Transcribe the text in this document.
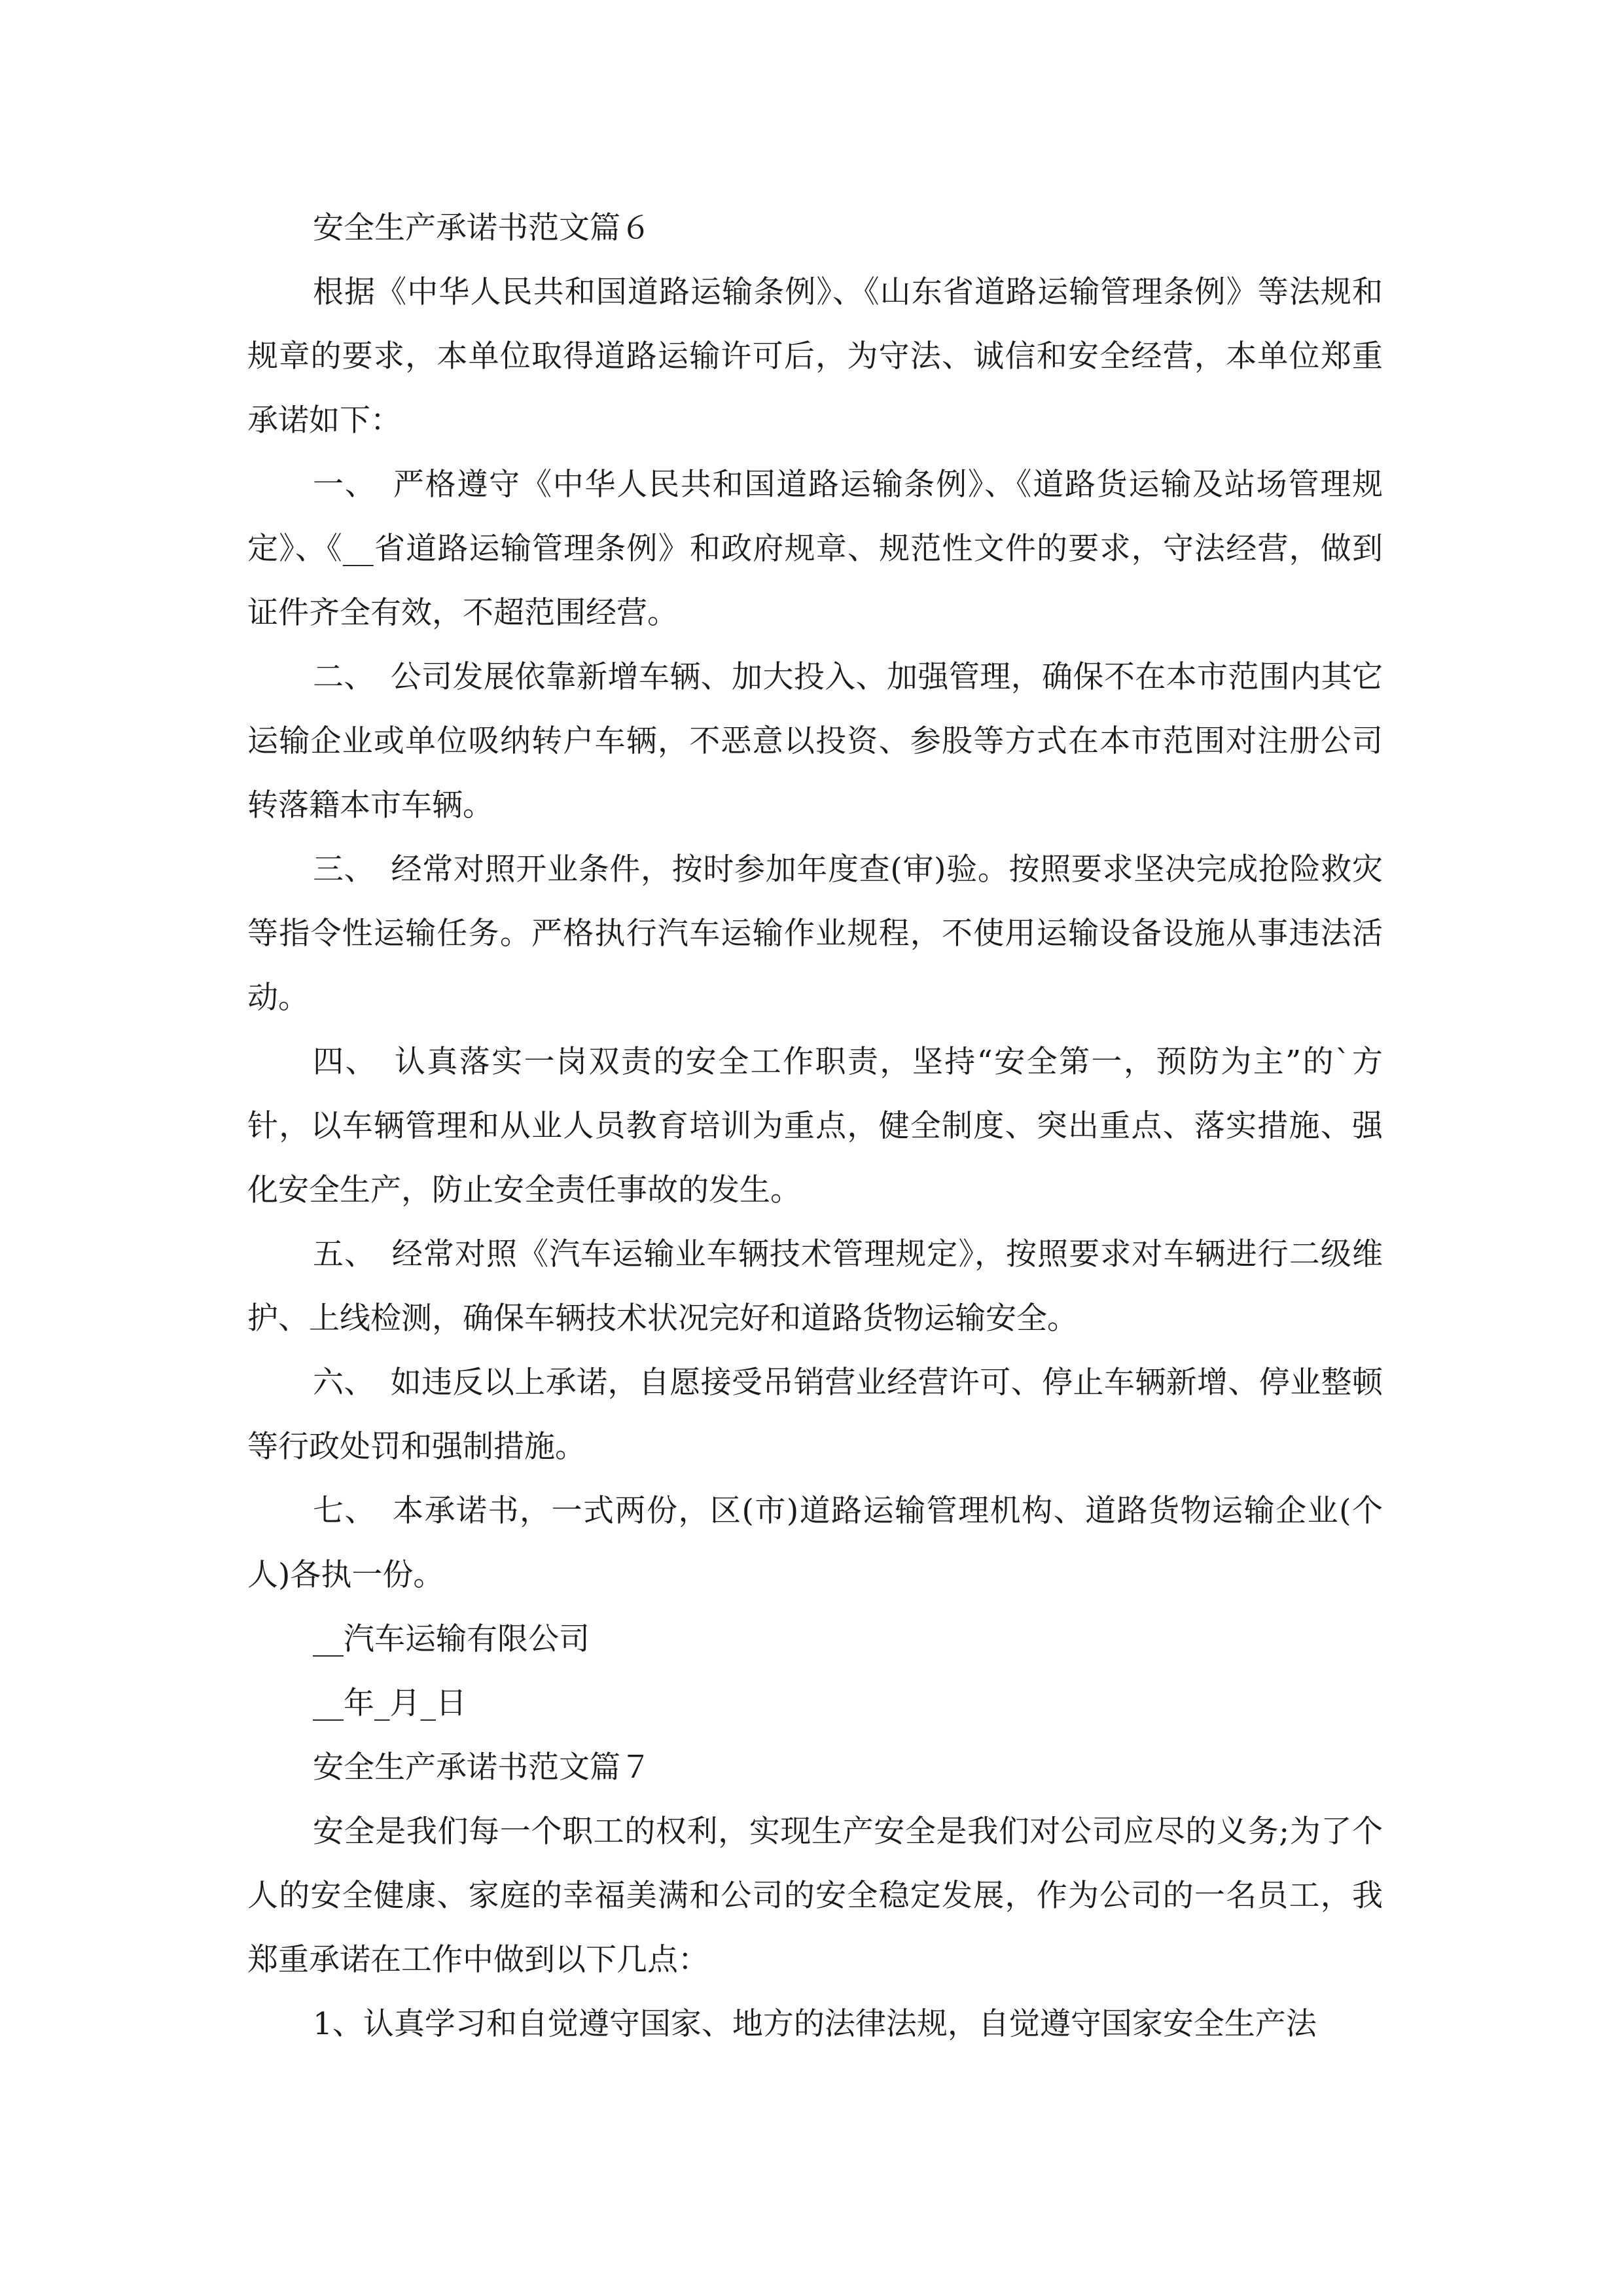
安全生产承诺书范文篇６

根据《中华人民共和国道路运输条例》、《山东省道路运输管理条例》等法规和规章的要求，本单位取得道路运输许可后，为守法、诚信和安全经营，本单位郑重承诺如下：

一、　严格遵守《中华人民共和国道路运输条例》、《道路货运输及站场管理规定》、《__省道路运输管理条例》和政府规章、规范性文件的要求，守法经营，做到证件齐全有效，不超范围经营。

二、　公司发展依靠新增车辆、加大投入、加强管理，确保不在本市范围内其它运输企业或单位吸纳转户车辆，不恶意以投资、参股等方式在本市范围对注册公司转落籍本市车辆。

三、　经常对照开业条件，按时参加年度查(审)验。按照要求坚决完成抢险救灾等指令性运输任务。严格执行汽车运输作业规程，不使用运输设备设施从事违法活动。

四、　认真落实一岗双责的安全工作职责，坚持“安全第一，预防为主”的`方针，以车辆管理和从业人员教育培训为重点，健全制度、突出重点、落实措施、强化安全生产，防止安全责任事故的发生。

五、　经常对照《汽车运输业车辆技术管理规定》，按照要求对车辆进行二级维护、上线检测，确保车辆技术状况完好和道路货物运输安全。

六、　如违反以上承诺，自愿接受吊销营业经营许可、停止车辆新增、停业整顿等行政处罚和强制措施。

七、　本承诺书，一式两份，区(市)道路运输管理机构、道路货物运输企业(个人)各执一份。

__汽车运输有限公司

__年_月_日

安全生产承诺书范文篇７

安全是我们每一个职工的权利，实现生产安全是我们对公司应尽的义务;为了个人的安全健康、家庭的幸福美满和公司的安全稳定发展，作为公司的一名员工，我郑重承诺在工作中做到以下几点：

1、认真学习和自觉遵守国家、地方的法律法规，自觉遵守国家安全生产法
